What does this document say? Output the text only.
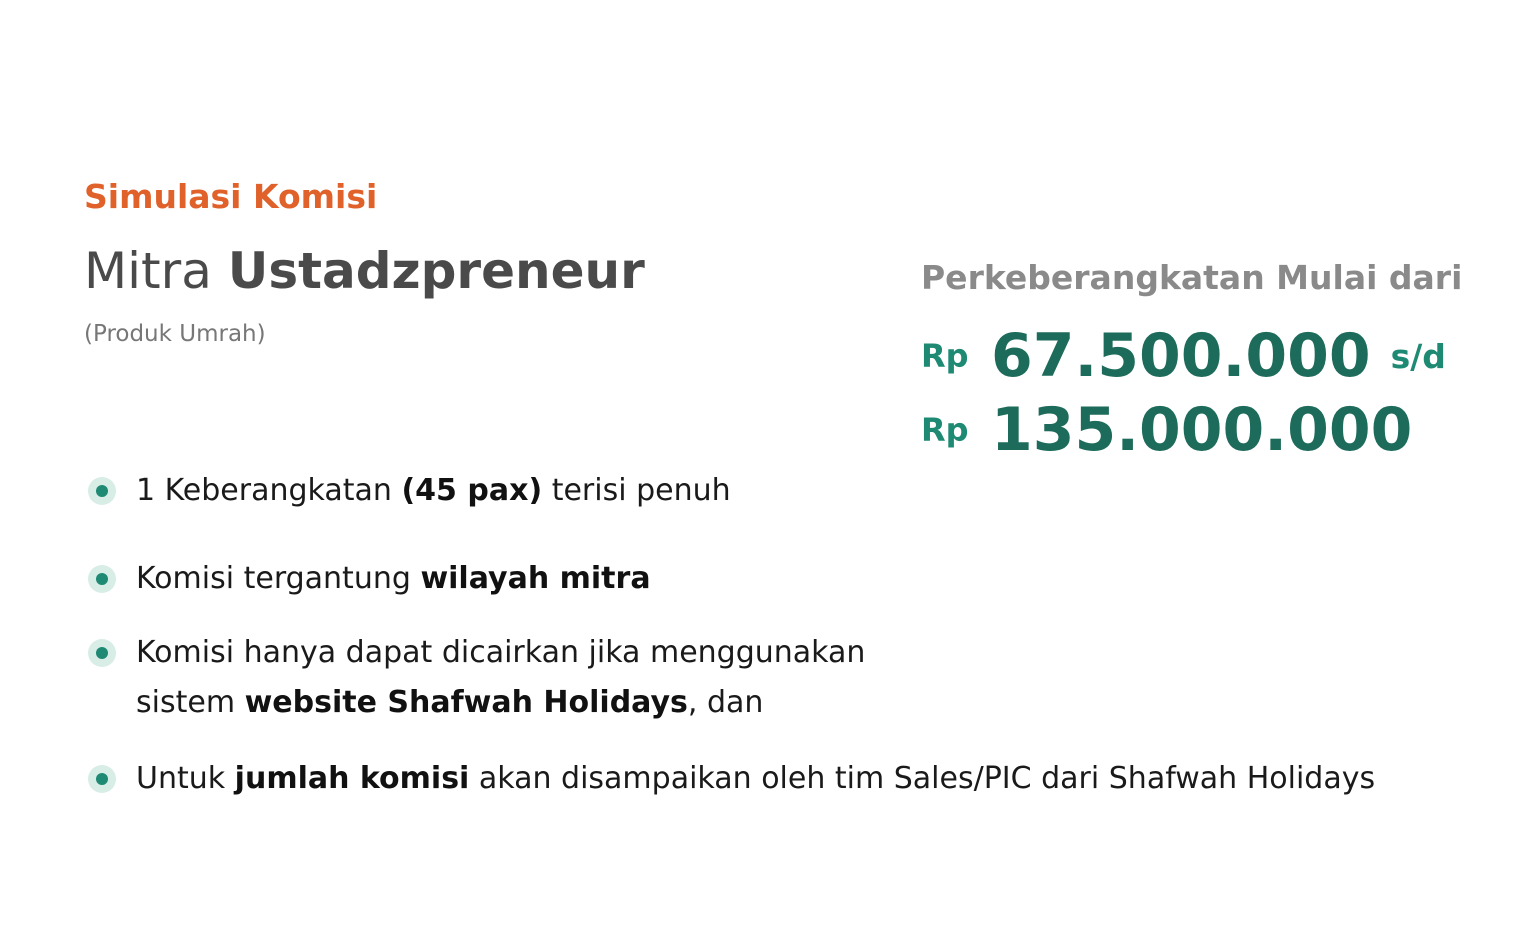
Simulasi Komisi
Mitra Ustadzpreneur

(Produk Umrah)

Perkeberangkatan Mulai dari

Rp 67.500.000 s/d
Rp 135.000.000
1 Keberangkatan (45 pax) terisi penuh
Komisi tergantung wilayah mitra
Komisi hanya dapat dicairkan jika menggunakan
sistem website Shafwah Holidays, dan
Untuk jumlah komisi akan disampaikan oleh tim Sales/PIC dari Shafwah Holidays
